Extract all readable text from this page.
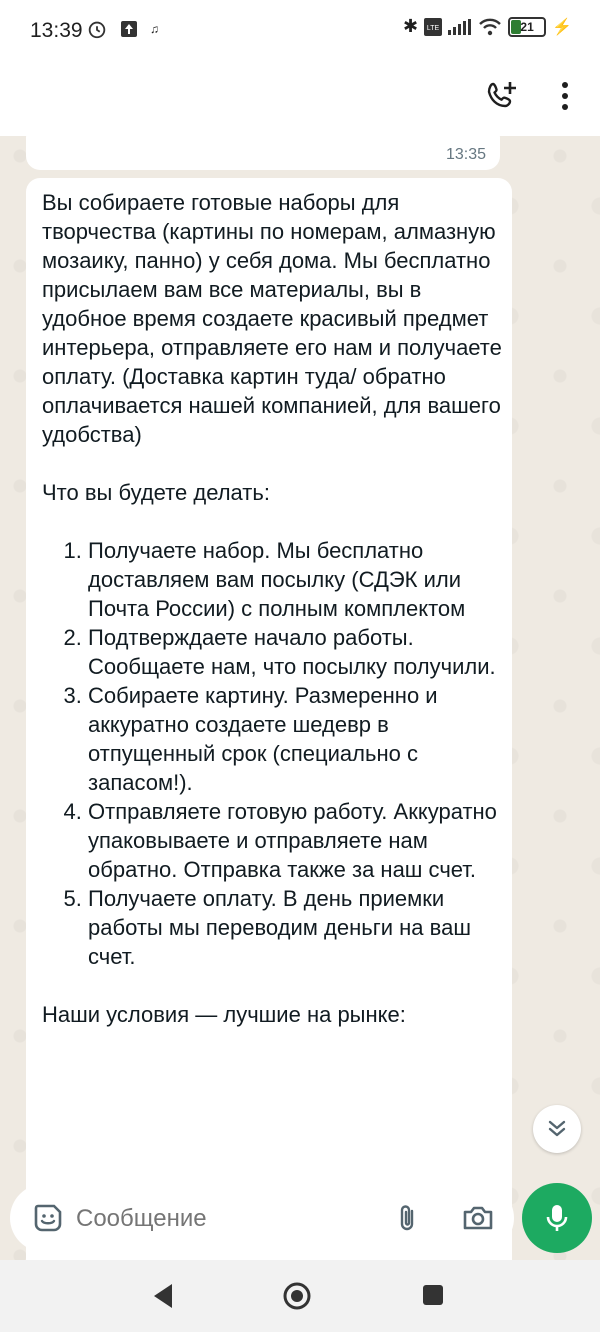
13:39	♫	✱ LTE	21 ⚡
13:35

Вы собираете готовые наборы для творчества (картины по номерам, алмазную мозаику, панно) у себя дома. Мы бесплатно присылаем вам все материалы, вы в удобное время создаете красивый предмет интерьера, отправляете его нам и получаете оплату. (Доставка картин туда/ обратно оплачивается нашей компанией, для вашего удобства)

Что вы будете делать:

1. Получаете набор. Мы бесплатно доставляем вам посылку (СДЭК или Почта России) с полным комплектом
2. Подтверждаете начало работы. Сообщаете нам, что посылку получили.
3. Собираете картину. Размеренно и аккуратно создаете шедевр в отпущенный срок (специально с запасом!).
4. Отправляете готовую работу. Аккуратно упаковываете и отправляете нам обратно. Отправка также за наш счет.
5. Получаете оплату. В день приемки работы мы переводим деньги на ваш счет.

Наши условия — лучшие на рынке:

Сообщение
